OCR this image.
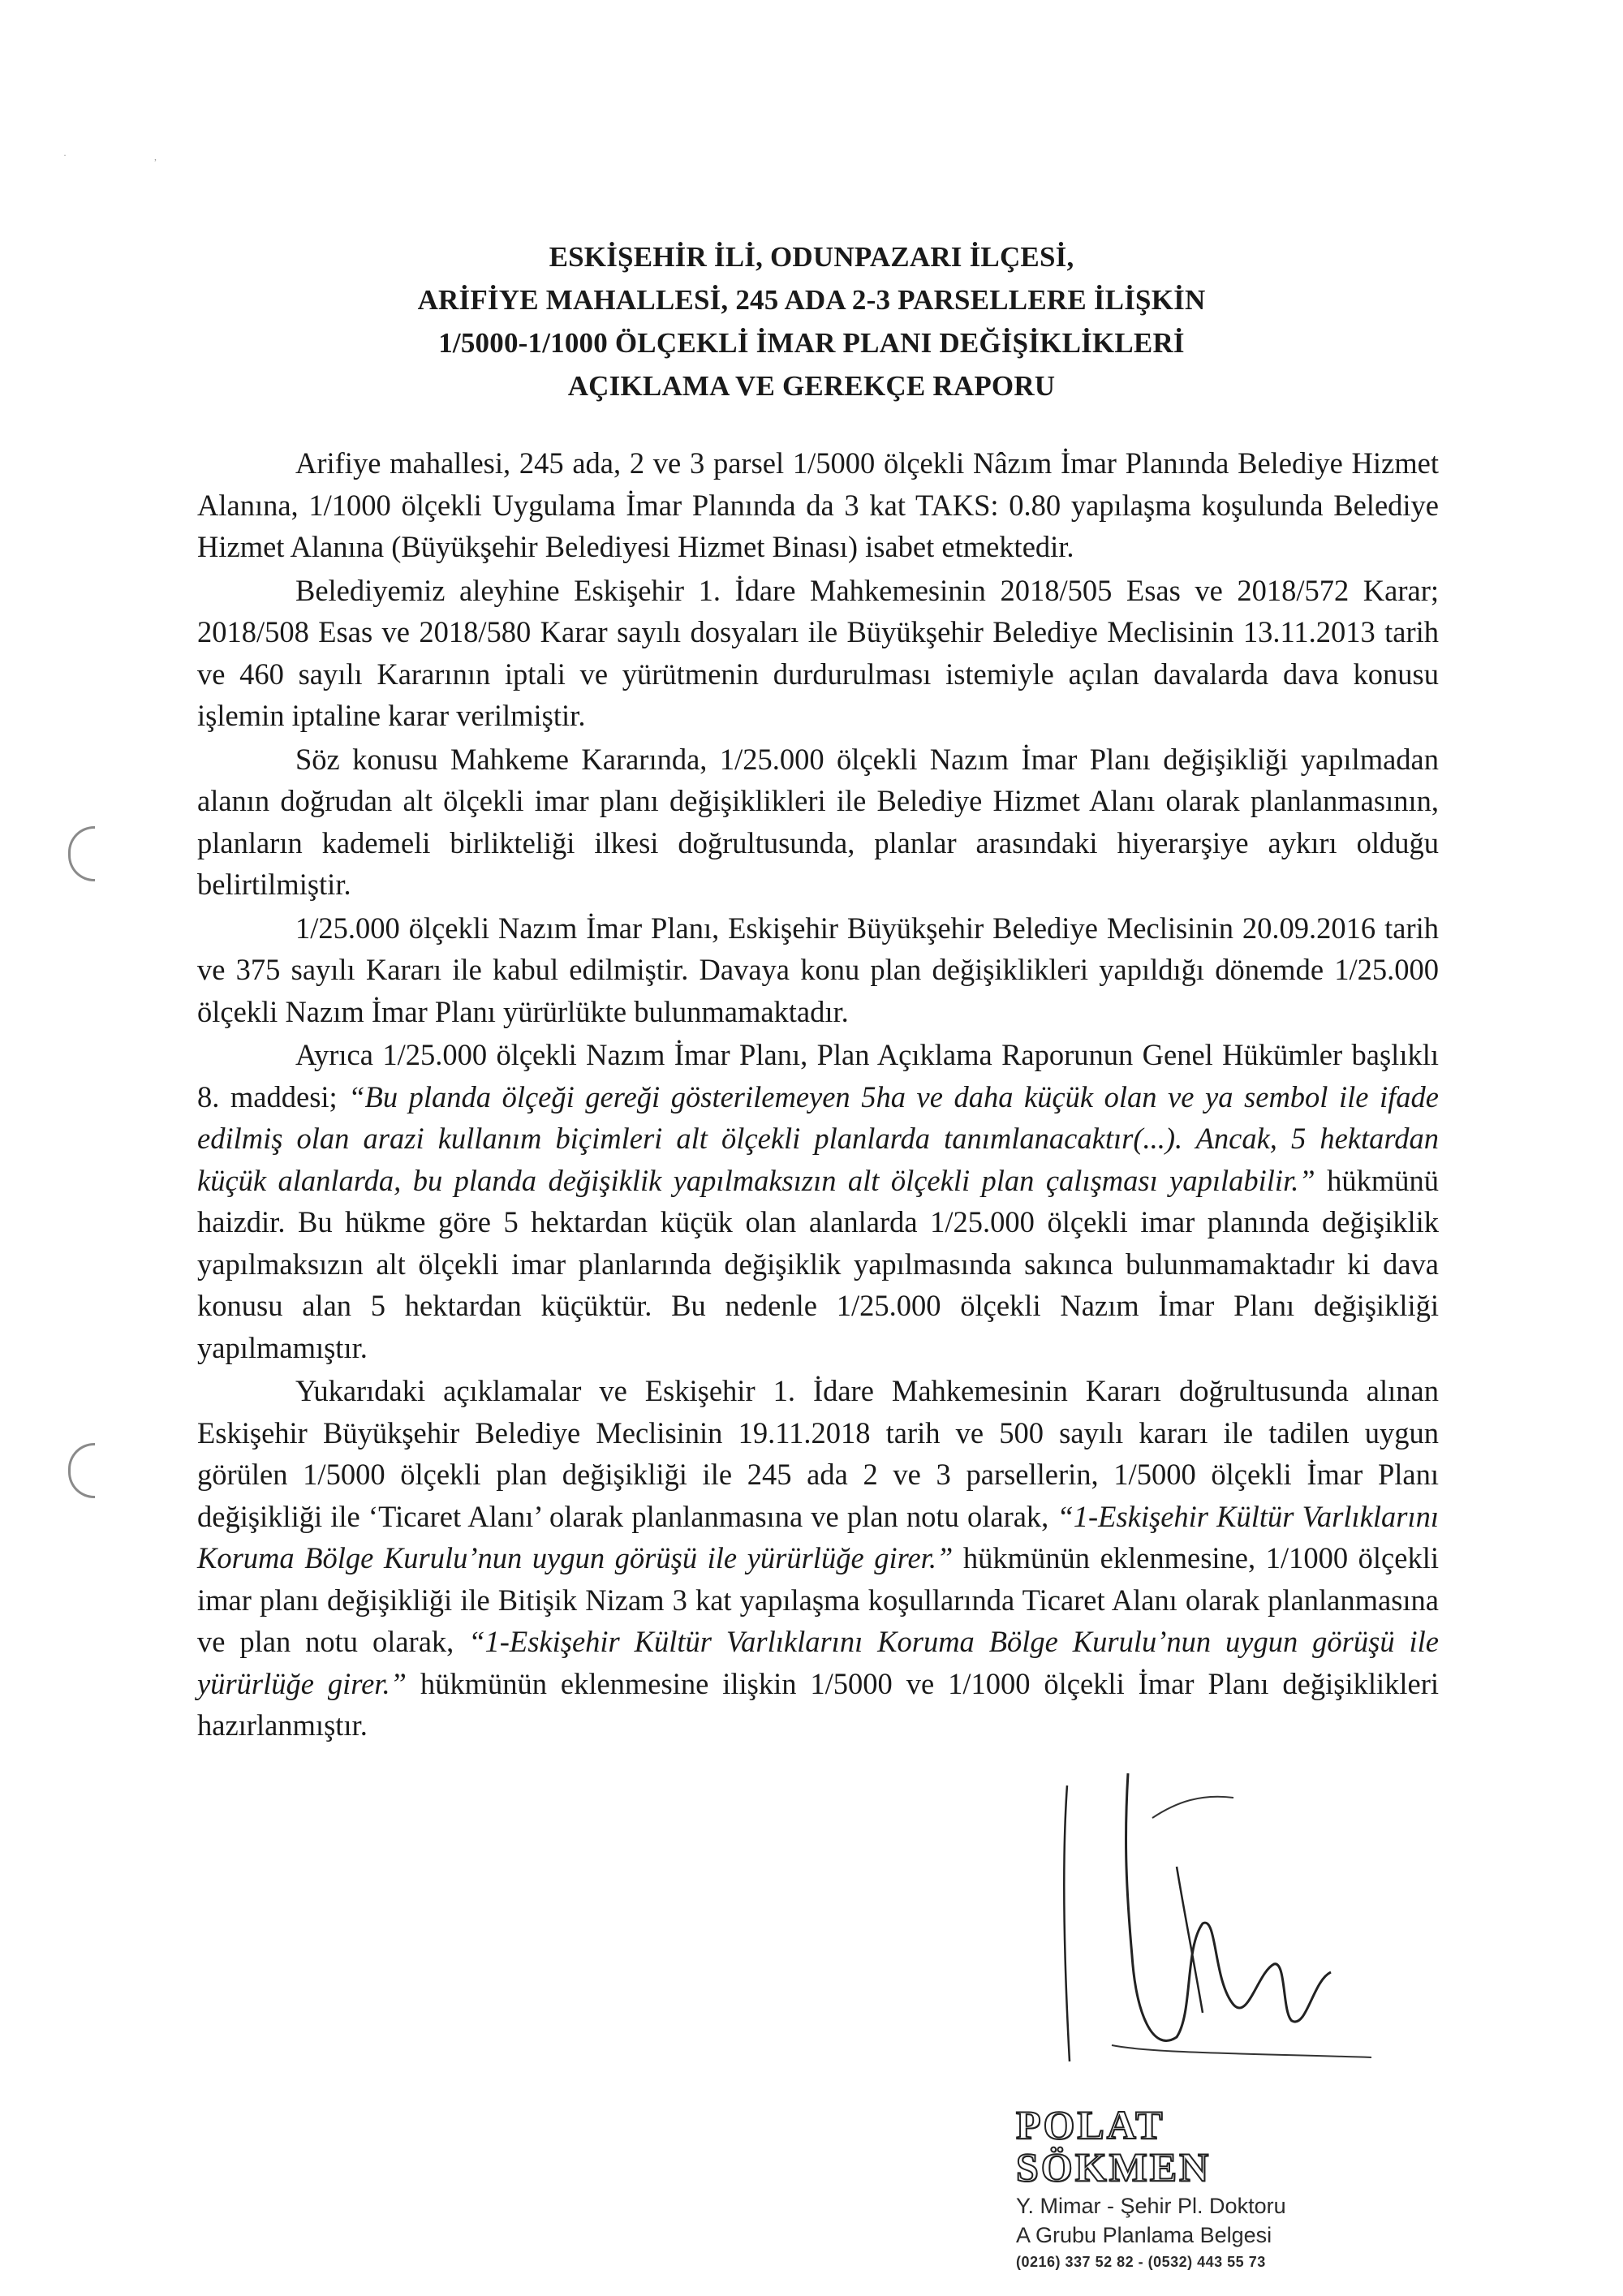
·	,
ESKİŞEHİR İLİ, ODUNPAZARI İLÇESİ,
ARİFİYE MAHALLESİ, 245 ADA 2-3 PARSELLERE İLİŞKİN
1/5000-1/1000 ÖLÇEKLİ İMAR PLANI DEĞİŞİKLİKLERİ
AÇIKLAMA VE GEREKÇE RAPORU

Arifiye mahallesi, 245 ada, 2 ve 3 parsel 1/5000 ölçekli Nâzım İmar Planında Belediye Hizmet Alanına, 1/1000 ölçekli Uygulama İmar Planında da 3 kat TAKS: 0.80 yapılaşma koşulunda Belediye Hizmet Alanına (Büyükşehir Belediyesi Hizmet Binası) isabet etmektedir.

Belediyemiz aleyhine Eskişehir 1. İdare Mahkemesinin 2018/505 Esas ve 2018/572 Karar; 2018/508 Esas ve 2018/580 Karar sayılı dosyaları ile Büyükşehir Belediye Meclisinin 13.11.2013 tarih ve 460 sayılı Kararının iptali ve yürütmenin durdurulması istemiyle açılan davalarda dava konusu işlemin iptaline karar verilmiştir.

Söz konusu Mahkeme Kararında, 1/25.000 ölçekli Nazım İmar Planı değişikliği yapılmadan alanın doğrudan alt ölçekli imar planı değişiklikleri ile Belediye Hizmet Alanı olarak planlanmasının, planların kademeli birlikteliği ilkesi doğrultusunda, planlar arasındaki hiyerarşiye aykırı olduğu belirtilmiştir.

1/25.000 ölçekli Nazım İmar Planı, Eskişehir Büyükşehir Belediye Meclisinin 20.09.2016 tarih ve 375 sayılı Kararı ile kabul edilmiştir. Davaya konu plan değişiklikleri yapıldığı dönemde 1/25.000 ölçekli Nazım İmar Planı yürürlükte bulunmamaktadır.

Ayrıca 1/25.000 ölçekli Nazım İmar Planı, Plan Açıklama Raporunun Genel Hükümler başlıklı 8. maddesi; “Bu planda ölçeği gereği gösterilemeyen 5ha ve daha küçük olan ve ya sembol ile ifade edilmiş olan arazi kullanım biçimleri alt ölçekli planlarda tanımlanacaktır(...). Ancak, 5 hektardan küçük alanlarda, bu planda değişiklik yapılmaksızın alt ölçekli plan çalışması yapılabilir.” hükmünü haizdir. Bu hükme göre 5 hektardan küçük olan alanlarda 1/25.000 ölçekli imar planında değişiklik yapılmaksızın alt ölçekli imar planlarında değişiklik yapılmasında sakınca bulunmamaktadır ki dava konusu alan 5 hektardan küçüktür. Bu nedenle 1/25.000 ölçekli Nazım İmar Planı değişikliği yapılmamıştır.

Yukarıdaki açıklamalar ve Eskişehir 1. İdare Mahkemesinin Kararı doğrultusunda alınan Eskişehir Büyükşehir Belediye Meclisinin 19.11.2018 tarih ve 500 sayılı kararı ile tadilen uygun görülen 1/5000 ölçekli plan değişikliği ile 245 ada 2 ve 3 parsellerin, 1/5000 ölçekli İmar Planı değişikliği ile ‘Ticaret Alanı’ olarak planlanmasına ve plan notu olarak, “1-Eskişehir Kültür Varlıklarını Koruma Bölge Kurulu’nun uygun görüşü ile yürürlüğe girer.” hükmünün eklenmesine, 1/1000 ölçekli imar planı değişikliği ile Bitişik Nizam 3 kat yapılaşma koşullarında Ticaret Alanı olarak planlanmasına ve plan notu olarak, “1-Eskişehir Kültür Varlıklarını Koruma Bölge Kurulu’nun uygun görüşü ile yürürlüğe girer.” hükmünün eklenmesine ilişkin 1/5000 ve 1/1000 ölçekli İmar Planı değişiklikleri hazırlanmıştır.

POLAT SÖKMEN
Y. Mimar - Şehir Pl. Doktoru
A Grubu Planlama Belgesi
(0216) 337 52 82 - (0532) 443 55 73
